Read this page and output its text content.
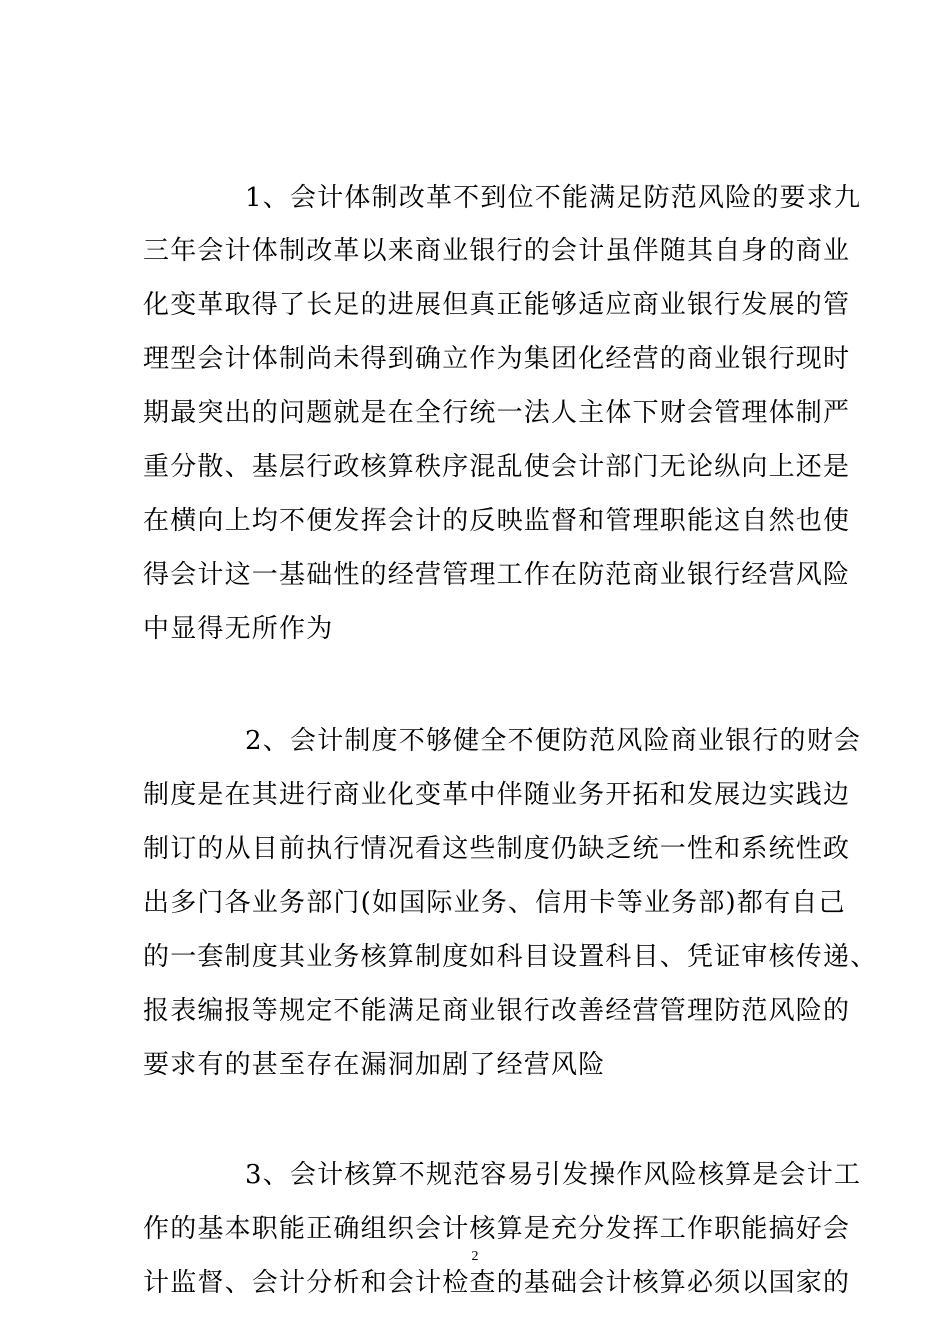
1、会计体制改革不到位不能满足防范风险的要求九
三年会计体制改革以来商业银行的会计虽伴随其自身的商业
化变革取得了长足的进展但真正能够适应商业银行发展的管
理型会计体制尚未得到确立作为集团化经营的商业银行现时
期最突出的问题就是在全行统一法人主体下财会管理体制严
重分散、基层行政核算秩序混乱使会计部门无论纵向上还是
在横向上均不便发挥会计的反映监督和管理职能这自然也使
得会计这一基础性的经营管理工作在防范商业银行经营风险
中显得无所作为
2、会计制度不够健全不便防范风险商业银行的财会
制度是在其进行商业化变革中伴随业务开拓和发展边实践边
制订的从目前执行情况看这些制度仍缺乏统一性和系统性政
出多门各业务部门(如国际业务、信用卡等业务部)都有自己
的一套制度其业务核算制度如科目设置科目、凭证审核传递、
报表编报等规定不能满足商业银行改善经营管理防范风险的
要求有的甚至存在漏洞加剧了经营风险
3、会计核算不规范容易引发操作风险核算是会计工
作的基本职能正确组织会计核算是充分发挥工作职能搞好会
计监督、会计分析和会计检查的基础会计核算必须以国家的
2
